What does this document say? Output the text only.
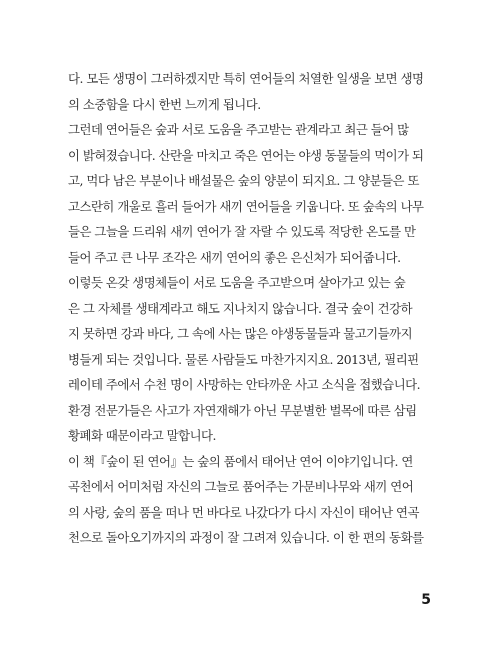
다. 모든 생명이 그러하겠지만 특히 연어들의 처열한 일생을 보면 생명
의 소중함을 다시 한번 느끼게 됩니다.
그런데 연어들은 숲과 서로 도움을 주고받는 관계라고 최근 들어 많
이 밝혀졌습니다. 산란을 마치고 죽은 연어는 야생 동물들의 먹이가 되
고, 먹다 남은 부분이나 배설물은 숲의 양분이 되지요. 그 양분들은 또
고스란히 개울로 흘러 들어가 새끼 연어들을 키웁니다. 또 숲속의 나무
들은 그늘을 드리워 새끼 연어가 잘 자랄 수 있도록 적당한 온도를 만
들어 주고 큰 나무 조각은 새끼 연어의 좋은 은신처가 되어줍니다.
이렇듯 온갖 생명체들이 서로 도움을 주고받으며 살아가고 있는 숲
은 그 자체를 생태계라고 해도 지나치지 않습니다. 결국 숲이 건강하
지 못하면 강과 바다, 그 속에 사는 많은 야생동물들과 물고기들까지
병들게 되는 것입니다. 물론 사람들도 마찬가지지요. 2013년, 필리핀
레이테 주에서 수천 명이 사망하는 안타까운 사고 소식을 접했습니다.
환경 전문가들은 사고가 자연재해가 아닌 무분별한 벌목에 따른 삼림
황폐화 때문이라고 말합니다.
이 책『숲이 된 연어』는 숲의 품에서 태어난 연어 이야기입니다. 연
곡천에서 어미처럼 자신의 그늘로 품어주는 가문비나무와 새끼 연어
의 사랑, 숲의 품을 떠나 먼 바다로 나갔다가 다시 자신이 태어난 연곡
천으로 돌아오기까지의 과정이 잘 그려져 있습니다. 이 한 편의 동화를
5
